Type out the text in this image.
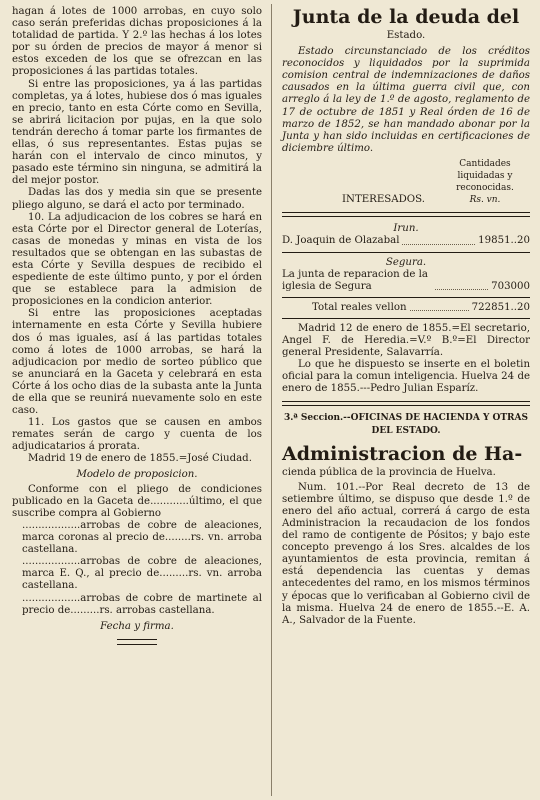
hagan á lotes de 1000 arrobas, en cuyo solo caso serán preferidas dichas proposiciones á la totalidad de partida. Y 2.º las hechas á los lotes por su órden de precios de mayor á menor si estos exceden de los que se ofrezcan en las proposiciones á las partidas totales.

Si entre las proposiciones, ya á las partidas completas, ya á lotes, hubiese dos ó mas iguales en precio, tanto en esta Córte como en Sevilla, se abrirá licitacion por pujas, en la que solo tendrán derecho á tomar parte los firmantes de ellas, ó sus representantes. Estas pujas se harán con el intervalo de cinco minutos, y pasado este término sin ninguna, se admitirá la del mejor postor.

Dadas las dos y media sin que se presente pliego alguno, se dará el acto por terminado.

10. La adjudicacion de los cobres se hará en esta Córte por el Director general de Loterías, casas de monedas y minas en vista de los resultados que se obtengan en las subastas de esta Córte y Sevilla despues de recibido el espediente de este último punto, y por el órden que se establece para la admision de proposiciones en la condicion anterior.

Si entre las proposiciones aceptadas internamente en esta Córte y Sevilla hubiere dos ó mas iguales, así á las partidas totales como á lotes de 1000 arrobas, se hará la adjudicacion por medio de sorteo público que se anunciará en la Gaceta y celebrará en esta Córte á los ocho dias de la subasta ante la Junta de ella que se reunirá nuevamente solo en este caso.

11. Los gastos que se causen en ambos remates serán de cargo y cuenta de los adjudicatarios á prorata.

Madrid 19 de enero de 1855.=José Ciudad.

Modelo de proposicion.

Conforme con el pliego de condiciones publicado en la Gaceta de............último, el que suscribe compra al Gobierno

..................arrobas de cobre de aleaciones, marca coronas al precio de........rs. vn. arroba castellana.

..................arrobas de cobre de aleaciones, marca E. Q., al precio de.........rs. vn. arroba castellana.

..................arrobas de cobre de martinete al precio de.........rs. arrobas castellana.

Fecha y firma.

Junta de la deuda del

Estado.

Estado circunstanciado de los créditos reconocidos y liquidados por la suprimida comision central de indemnizaciones de daños causados en la última guerra civil que, con arreglo á la ley de 1.º de agosto, reglamento de 17 de octubre de 1851 y Real órden de 16 de marzo de 1852, se han mandado abonar por la Junta y han sido incluidas en certificaciones de diciembre último.

INTERESADOS.
Cantidades liquidadas y reconocidas.
Rs. vn.

Irun.

D. Joaquin de Olazabal	19851..20

Segura.

La junta de reparacion de la iglesia de Segura	703000
Total reales vellon	722851..20

Madrid 12 de enero de 1855.=El secretario, Angel F. de Heredia.=V.º B.º=El Director general Presidente, Salavarría.

Lo que he dispuesto se inserte en el boletin oficial para la comun inteligencia. Huelva 24 de enero de 1855.---Pedro Julian Esparíz.

3.ª Seccion.--OFICINAS DE HACIENDA Y OTRAS DEL ESTADO.

Administracion de Ha-

cienda pública de la provincia de Huelva.

Num. 101.--Por Real decreto de 13 de setiembre último, se dispuso que desde 1.º de enero del año actual, correrá á cargo de esta Administracion la recaudacion de los fondos del ramo de contigente de Pósitos; y bajo este concepto prevengo á los Sres. alcaldes de los ayuntamientos de esta provincia, remitan á está dependencia las cuentas y demas antecedentes del ramo, en los mismos términos y épocas que lo verificaban al Gobierno civil de la misma. Huelva 24 de enero de 1855.--E. A. A., Salvador de la Fuente.
